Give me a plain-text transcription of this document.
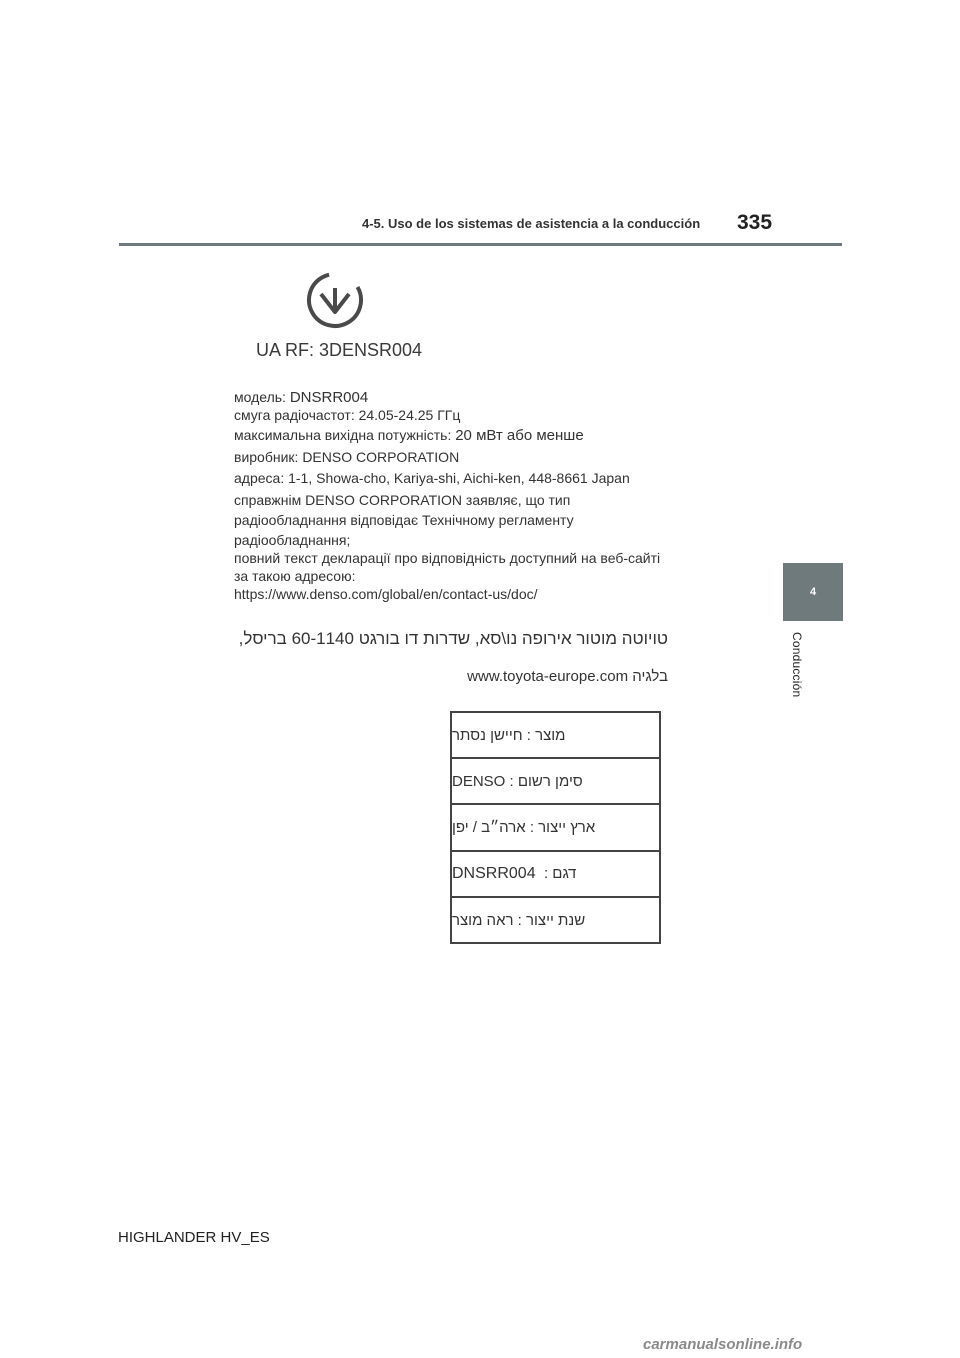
4-5. Uso de los sistemas de asistencia a la conducción 335
4
Conducción
UA RF: 3DENSR004
модель: DNSRR004
смуга радіочастот: 24.05-24.25 ГГц
максимальна вихідна потужність: 20 мВт або менше
виробник: DENSO CORPORATION
адреса: 1-1, Showa-cho, Kariya-shi, Aichi-ken, 448-8661 Japan
справжнім DENSO CORPORATION заявляє, що тип
радіообладнання відповідає Технічному регламенту
радіообладнання;
повний текст декларації про відповідність доступний на веб-сайті
за такою адресою:
https://www.denso.com/global/en/contact-us/doc/
טויוטה מוטור אירופה נו\סא, שדרות דו בורגט 60-1140 בריסל,
בלגיה www.toyota-europe.com
מוצר :

חיישן נסתר
סימן רשום :

DENSO
ארץ ייצור :

ארה״ב / יפן
דגם :

DNSRR004
שנת ייצור :

ראה מוצר
HIGHLANDER HV_ES
carmanualsonline.info
